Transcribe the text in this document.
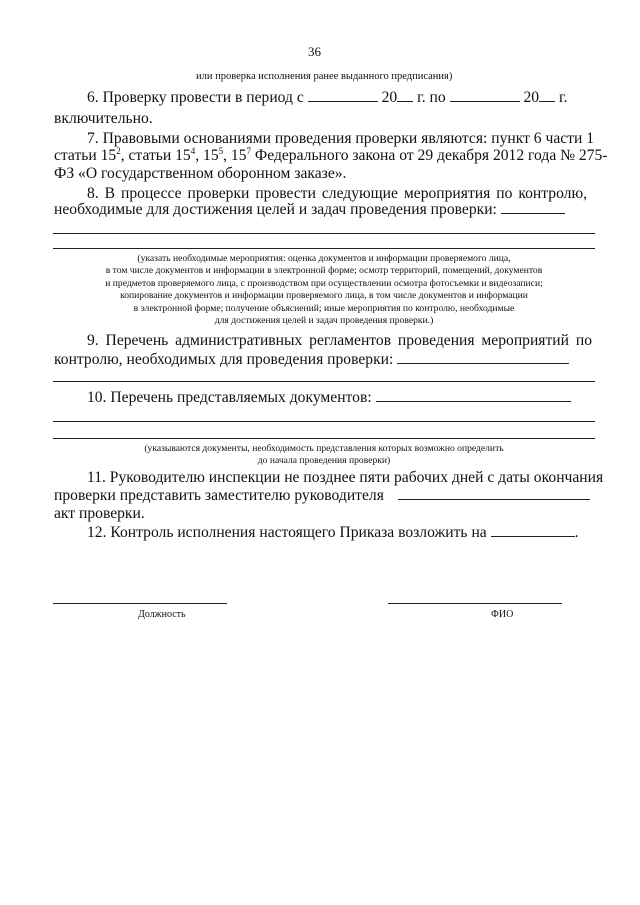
36
или проверка исполнения ранее выданного предписания)
6. Проверку провести в период с	20 г. по	20 г.
включительно.
7. Правовыми основаниями проведения проверки являются: пункт 6 части 1
статьи $15^2$, статьи $15^4$, $15^5$, $15^7$ Федерального закона от 29 декабря 2012 года № 275-
ФЗ «О государственном оборонном заказе».
8. В процессе проверки провести следующие мероприятия по контролю,
необходимые для достижения целей и задач проведения проверки:
(указать необходимые мероприятия: оценка документов и информации проверяемого лица,
в том числе документов и информации в электронной форме; осмотр территорий, помещений, документов
и предметов проверяемого лица, с производством при осуществлении осмотра фотосъемки и видеозаписи;
копирование документов и информации проверяемого лица, в том числе документов и информации
в электронной форме; получение объяснений; иные мероприятия по контролю, необходимые
для достижения целей и задач проведения проверки.)
9. Перечень административных регламентов проведения мероприятий по
контролю, необходимых для проведения проверки:
10. Перечень представляемых документов:
(указываются документы, необходимость представления которых возможно определить
до начала проведения проверки)
11. Руководителю инспекции не позднее пяти рабочих дней с даты окончания
проверки представить заместителю руководителя
акт проверки.
12. Контроль исполнения настоящего Приказа возложить на	.
Должность	ФИО
